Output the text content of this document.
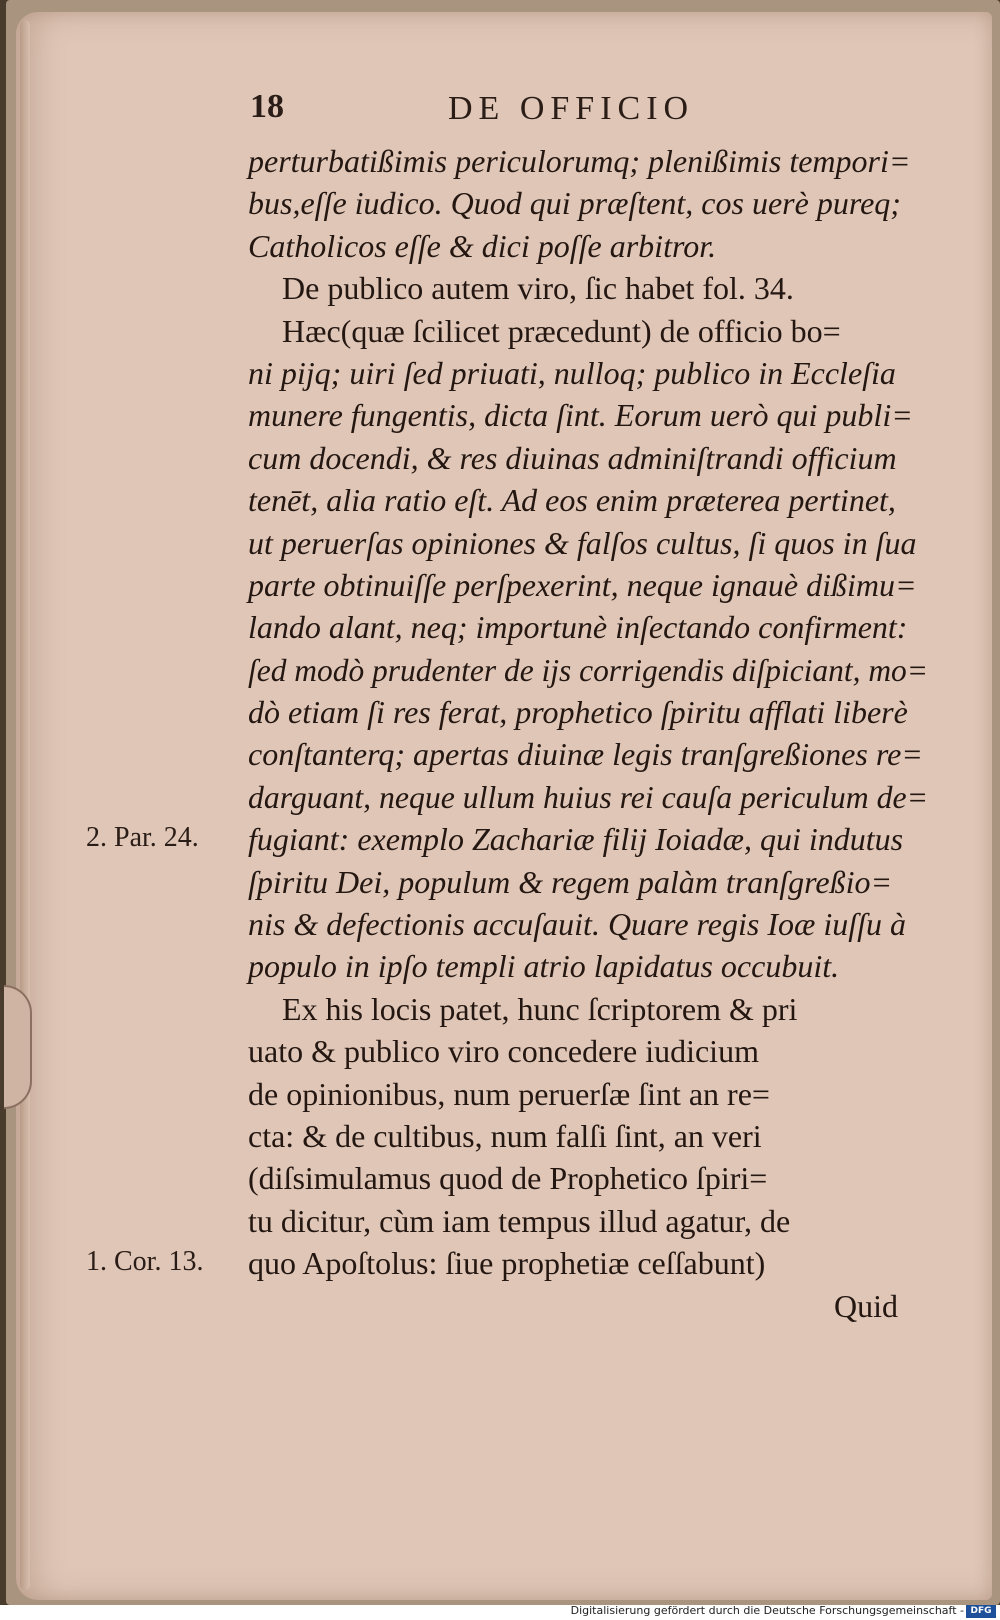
18	DE OFFICIO
perturbatißimis periculorumq; plenißimis tempori=
bus,eſſe iudico. Quod qui præſtent, cos uerè pureq;
Catholicos eſſe & dici poſſe arbitror.
De publico autem viro, ſic habet fol. 34.
Hæc(quæ ſcilicet præcedunt) de officio bo=
ni pijq; uiri ſed priuati, nulloq; publico in Eccleſia
munere fungentis, dicta ſint. Eorum uerò qui publi=
cum docendi, & res diuinas adminiſtrandi officium
tenēt, alia ratio eſt. Ad eos enim præterea pertinet,
ut peruerſas opiniones & falſos cultus, ſi quos in ſua
parte obtinuiſſe perſpexerint, neque ignauè dißimu=
lando alant, neq; importunè inſectando confirment:
ſed modò prudenter de ijs corrigendis diſpiciant, mo=
dò etiam ſi res ferat, prophetico ſpiritu afflati liberè
conſtanterq; apertas diuinæ legis tranſgreßiones re=
darguant, neque ullum huius rei cauſa periculum de=
fugiant: exemplo Zachariæ filij Ioiadæ, qui indutus
ſpiritu Dei, populum & regem palàm tranſgreßio=
nis & defectionis accuſauit. Quare regis Ioæ iuſſu à
populo in ipſo templi atrio lapidatus occubuit.
Ex his locis patet, hunc ſcriptorem & pri
uato & publico viro concedere iudicium
de opinionibus, num peruerſæ ſint an re=
cta: & de cultibus, num falſi ſint, an veri
(diſsimulamus quod de Prophetico ſpiri=
tu dicitur, cùm iam tempus illud agatur, de
quo Apoſtolus: ſiue prophetiæ ceſſabunt)
Quid
2. Par. 24.
1. Cor. 13.
Digitalisierung gefördert durch die Deutsche Forschungsgemeinschaft - DFG
